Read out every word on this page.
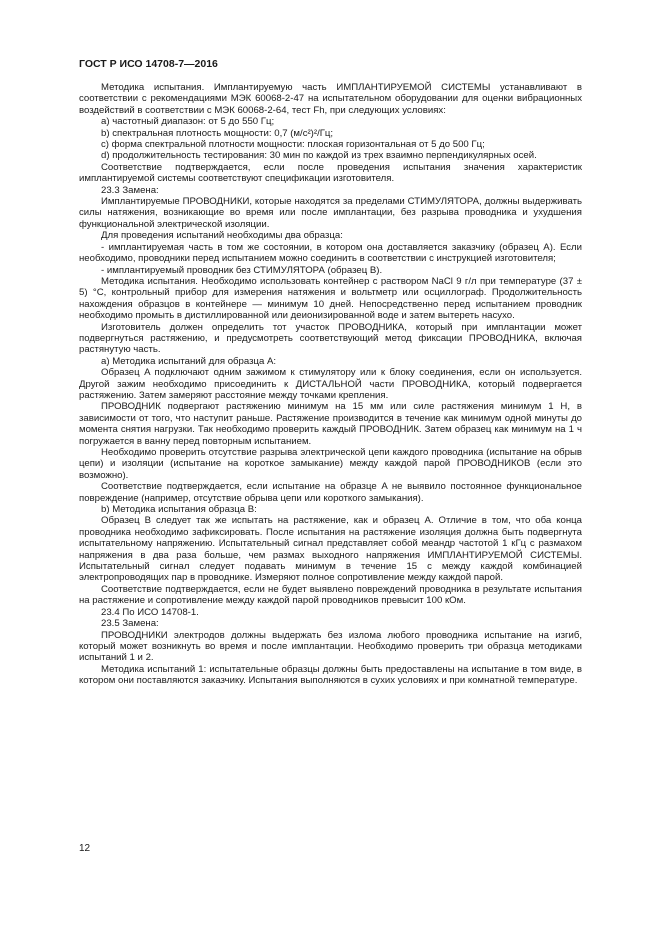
ГОСТ Р ИСО 14708-7—2016

Методика испытания. Имплантируемую часть ИМПЛАНТИРУЕМОЙ СИСТЕМЫ устанавливают в соответствии с рекомендациями МЭК 60068-2-47 на испытательном оборудовании для оценки вибрационных воздействий в соответствии с МЭК 60068-2-64, тест Fh, при следующих условиях:

a) частотный диапазон: от 5 до 550 Гц;

b) спектральная плотность мощности: 0,7 (м/с²)²/Гц;

c) форма спектральной плотности мощности: плоская горизонтальная от 5 до 500 Гц;

d) продолжительность тестирования: 30 мин по каждой из трех взаимно перпендикулярных осей.

Соответствие подтверждается, если после проведения испытания значения характеристик имплантируемой системы соответствуют спецификации изготовителя.

23.3 Замена:

Имплантируемые ПРОВОДНИКИ, которые находятся за пределами СТИМУЛЯТОРА, должны выдерживать силы натяжения, возникающие во время или после имплантации, без разрыва проводника и ухудшения функциональной электрической изоляции.

Для проведения испытаний необходимы два образца:

- имплантируемая часть в том же состоянии, в котором она доставляется заказчику (образец А). Если необходимо, проводники перед испытанием можно соединить в соответствии с инструкцией изготовителя;

- имплантируемый проводник без СТИМУЛЯТОРА (образец B).

Методика испытания. Необходимо использовать контейнер с раствором NaCl 9 г/л при температуре (37 ± 5) °С, контрольный прибор для измерения натяжения и вольтметр или осциллограф. Продолжительность нахождения образцов в контейнере — минимум 10 дней. Непосредственно перед испытанием проводник необходимо промыть в дистиллированной или деионизированной воде и затем вытереть насухо.

Изготовитель должен определить тот участок ПРОВОДНИКА, который при имплантации может подвергнуться растяжению, и предусмотреть соответствующий метод фиксации ПРОВОДНИКА, включая растянутую часть.

a) Методика испытаний для образца A:

Образец A подключают одним зажимом к стимулятору или к блоку соединения, если он используется. Другой зажим необходимо присоединить к ДИСТАЛЬНОЙ части ПРОВОДНИКА, который подвергается растяжению. Затем замеряют расстояние между точками крепления.

ПРОВОДНИК подвергают растяжению минимум на 15 мм или силе растяжения минимум 1 Н, в зависимости от того, что наступит раньше. Растяжение производится в течение как минимум одной минуты до момента снятия нагрузки. Так необходимо проверить каждый ПРОВОДНИК. Затем образец как минимум на 1 ч погружается в ванну перед повторным испытанием.

Необходимо проверить отсутствие разрыва электрической цепи каждого проводника (испытание на обрыв цепи) и изоляции (испытание на короткое замыкание) между каждой парой ПРОВОДНИКОВ (если это возможно).

Соответствие подтверждается, если испытание на образце A не выявило постоянное функциональное повреждение (например, отсутствие обрыва цепи или короткого замыкания).

b) Методика испытания образца B:

Образец B следует так же испытать на растяжение, как и образец A. Отличие в том, что оба конца проводника необходимо зафиксировать. После испытания на растяжение изоляция должна быть подвергнута испытательному напряжению. Испытательный сигнал представляет собой меандр частотой 1 кГц с размахом напряжения в два раза больше, чем размах выходного напряжения ИМПЛАНТИРУЕМОЙ СИСТЕМЫ. Испытательный сигнал следует подавать минимум в течение 15 с между каждой комбинацией электропроводящих пар в проводнике. Измеряют полное сопротивление между каждой парой.

Соответствие подтверждается, если не будет выявлено повреждений проводника в результате испытания на растяжение и сопротивление между каждой парой проводников превысит 100 кОм.

23.4 По ИСО 14708-1.

23.5 Замена:

ПРОВОДНИКИ электродов должны выдержать без излома любого проводника испытание на изгиб, который может возникнуть во время и после имплантации. Необходимо проверить три образца методиками испытаний 1 и 2.

Методика испытаний 1: испытательные образцы должны быть предоставлены на испытание в том виде, в котором они поставляются заказчику. Испытания выполняются в сухих условиях и при комнатной температуре.

12
